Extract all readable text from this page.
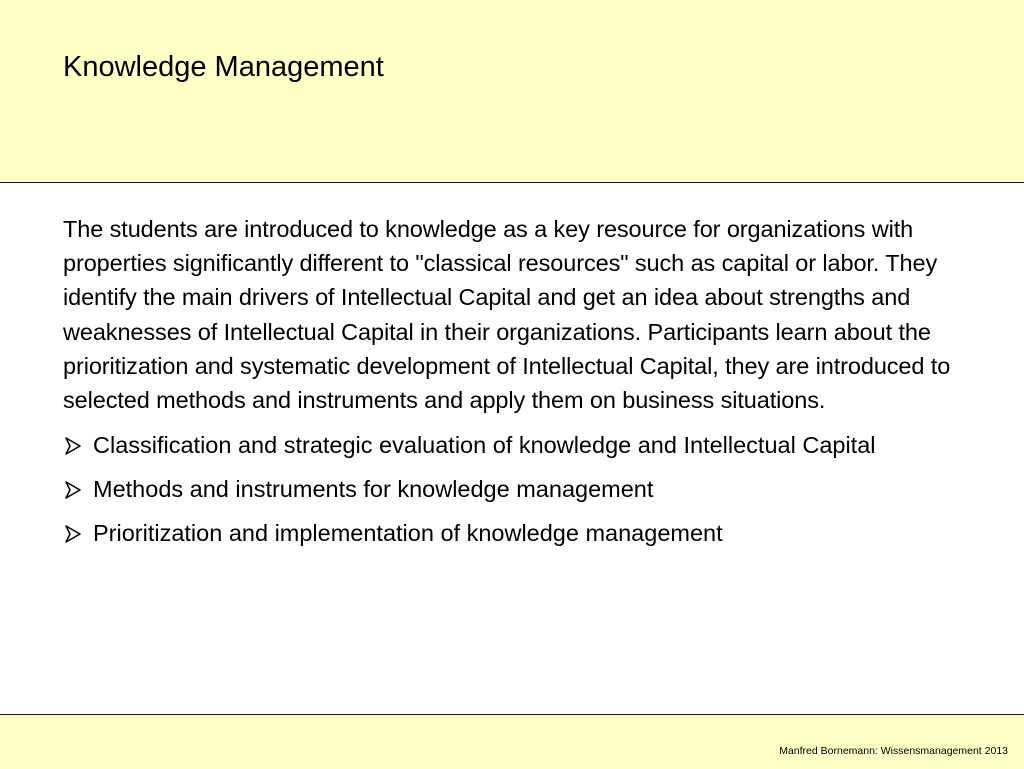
Knowledge Management

The students are introduced to knowledge as a key resource for organizations with properties significantly different to "classical resources" such as capital or labor. They identify the main drivers of Intellectual Capital and get an idea about strengths and weaknesses of Intellectual Capital in their organizations. Participants learn about the prioritization and systematic development of Intellectual Capital, they are introduced to selected methods and instruments and apply them on business situations.

Classification and strategic evaluation of knowledge and Intellectual Capital
Methods and instruments for knowledge management
Prioritization and implementation of knowledge management
Manfred Bornemann: Wissensmanagement 2013
